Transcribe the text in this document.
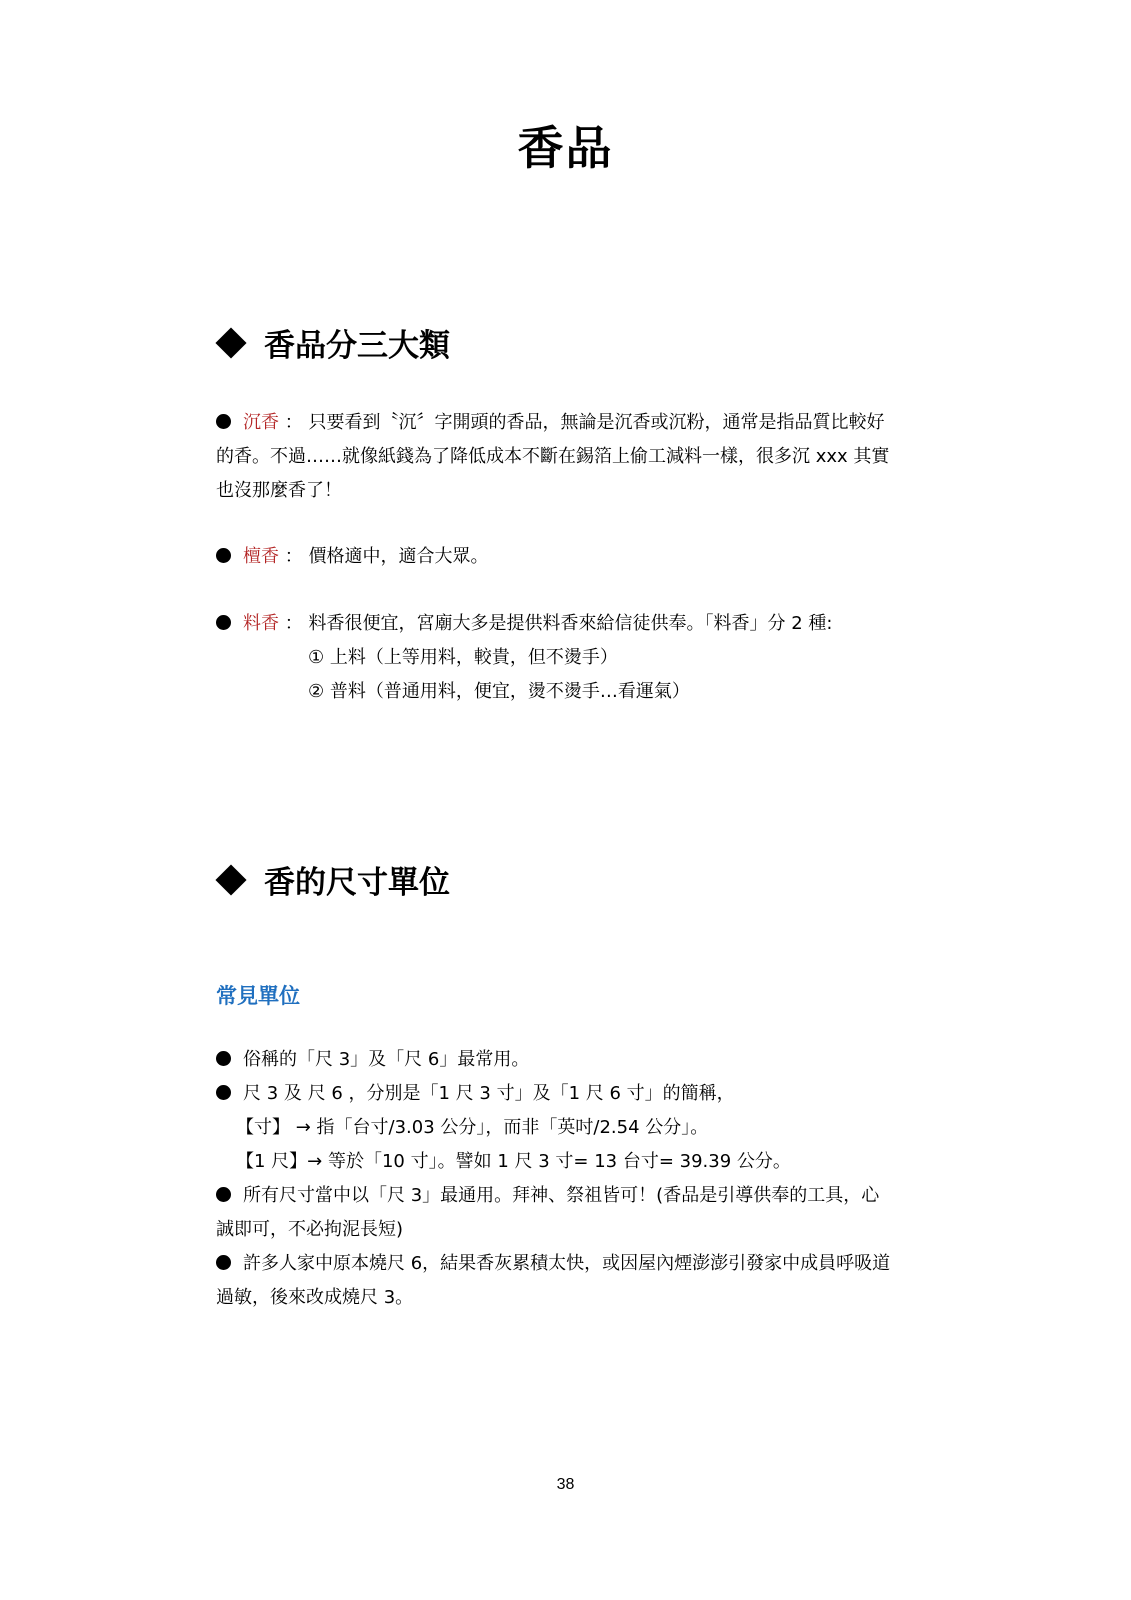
香品
香品分三大類
沉香 ： 只要看到〝沉〞字開頭的香品，無論是沉香或沉粉，通常是指品質比較好
的香。不過……就像紙錢為了降低成本不斷在錫箔上偷工減料一樣，很多沉 xxx 其實
也沒那麼香了！
檀香 ： 價格適中，適合大眾。
料香 ： 料香很便宜，宮廟大多是提供料香來給信徒供奉。「料香」分 2 種:
① 上料（上等用料，較貴，但不燙手）
② 普料（普通用料，便宜，燙不燙手…看運氣）
香的尺寸單位
常見單位
俗稱的「尺 3」及「尺 6」最常用。
尺 3 及 尺 6 ，分別是「1 尺 3 寸」及「1 尺 6 寸」的簡稱，
【寸】 → 指「台寸/3.03 公分」，而非「英吋/2.54 公分」。
【1 尺】→ 等於「10 寸」。譬如 1 尺 3 寸= 13 台寸= 39.39 公分。
所有尺寸當中以「尺 3」最通用。拜神、祭祖皆可！(香品是引導供奉的工具，心
誠即可，不必拘泥長短)
許多人家中原本燒尺 6，結果香灰累積太快，或因屋內煙澎澎引發家中成員呼吸道
過敏，後來改成燒尺 3。
38
